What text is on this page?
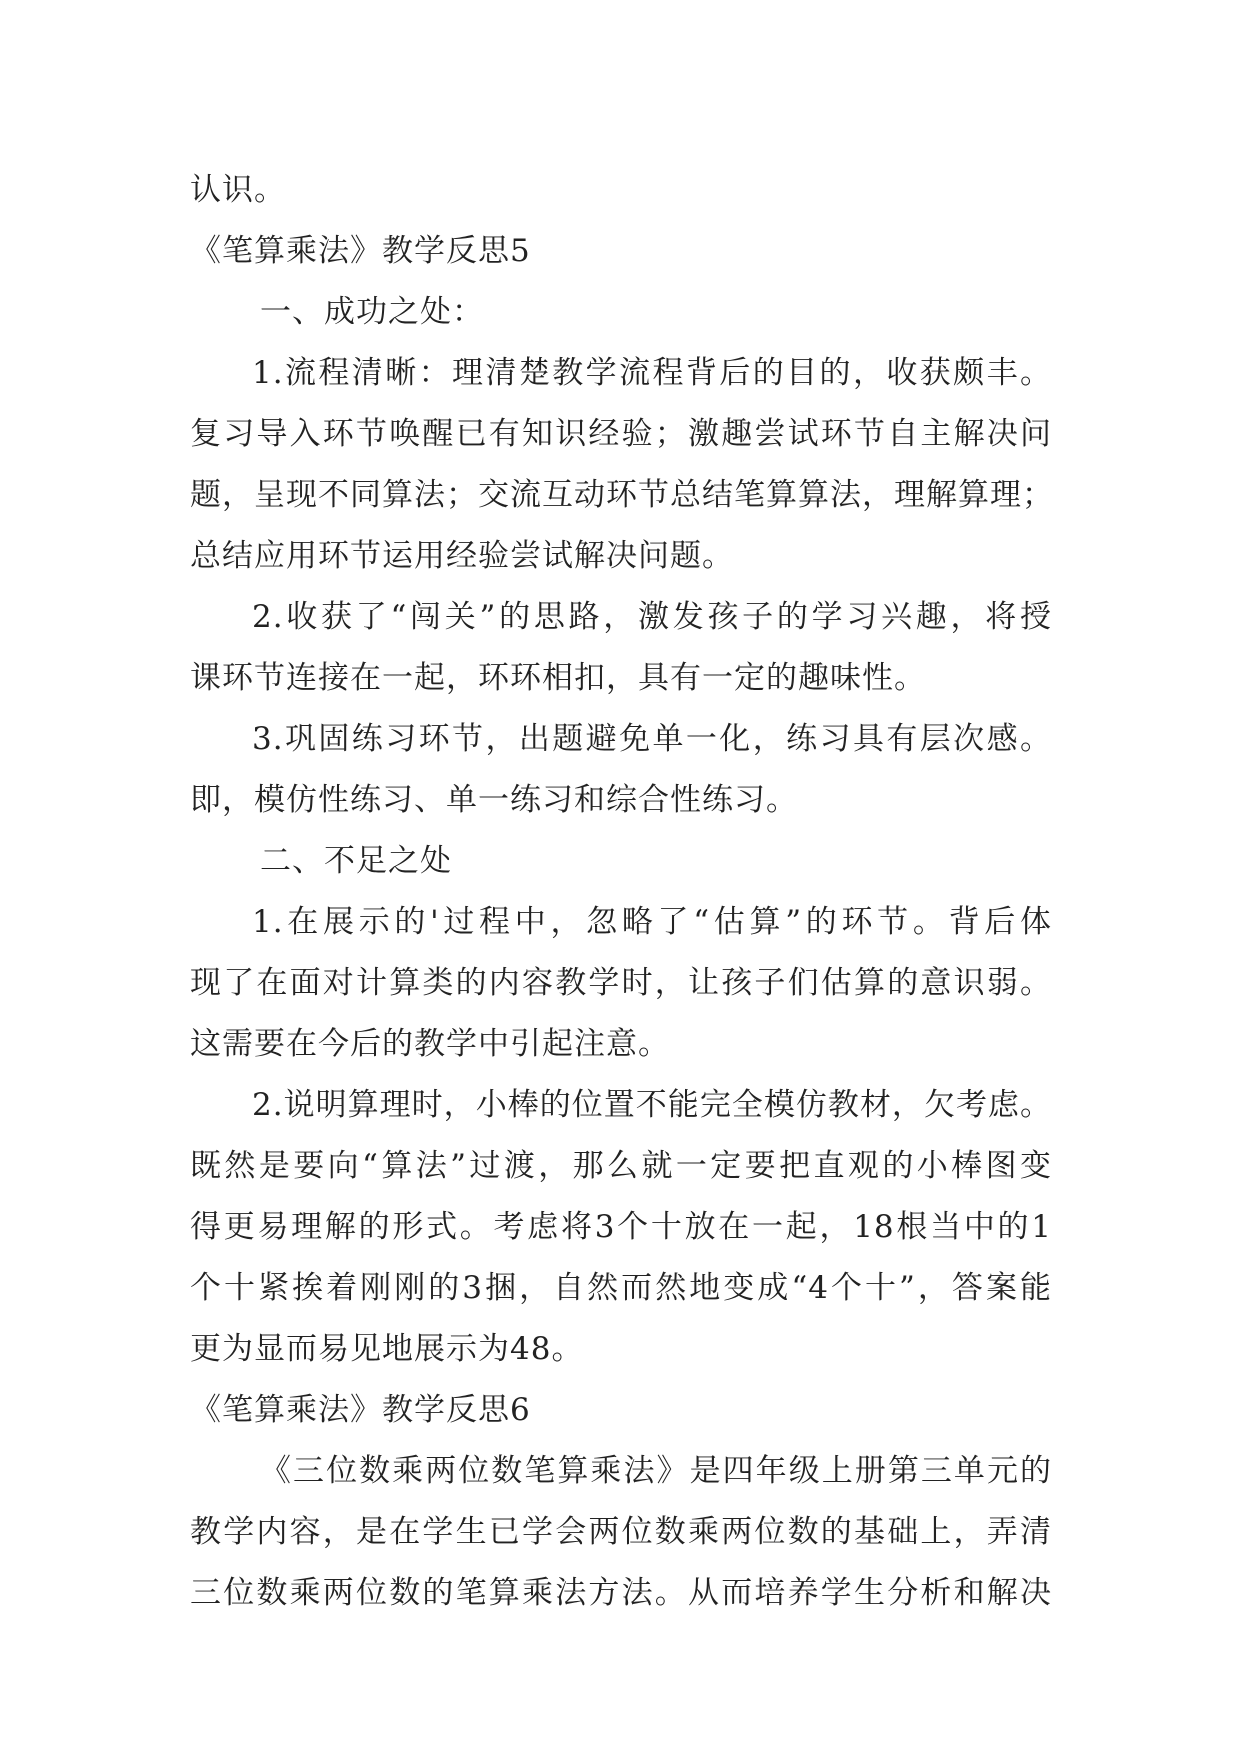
认识。

《笔算乘法》教学反思5

一、成功之处：

1.流程清晰：理清楚教学流程背后的目的，收获颇丰。

复习导入环节唤醒已有知识经验；激趣尝试环节自主解决问

题，呈现不同算法；交流互动环节总结笔算算法，理解算理；

总结应用环节运用经验尝试解决问题。

2.收获了“闯关”的思路，激发孩子的学习兴趣，将授

课环节连接在一起，环环相扣，具有一定的趣味性。

3.巩固练习环节，出题避免单一化，练习具有层次感。

即，模仿性练习、单一练习和综合性练习。

二、不足之处

1.在展示的'过程中，忽略了“估算”的环节。背后体

现了在面对计算类的内容教学时，让孩子们估算的意识弱。

这需要在今后的教学中引起注意。

2.说明算理时，小棒的位置不能完全模仿教材，欠考虑。

既然是要向“算法”过渡，那么就一定要把直观的小棒图变

得更易理解的形式。考虑将3个十放在一起，18根当中的1

个十紧挨着刚刚的3捆，自然而然地变成“4个十”，答案能

更为显而易见地展示为48。

《笔算乘法》教学反思6

《三位数乘两位数笔算乘法》是四年级上册第三单元的

教学内容，是在学生已学会两位数乘两位数的基础上，弄清

三位数乘两位数的笔算乘法方法。从而培养学生分析和解决
